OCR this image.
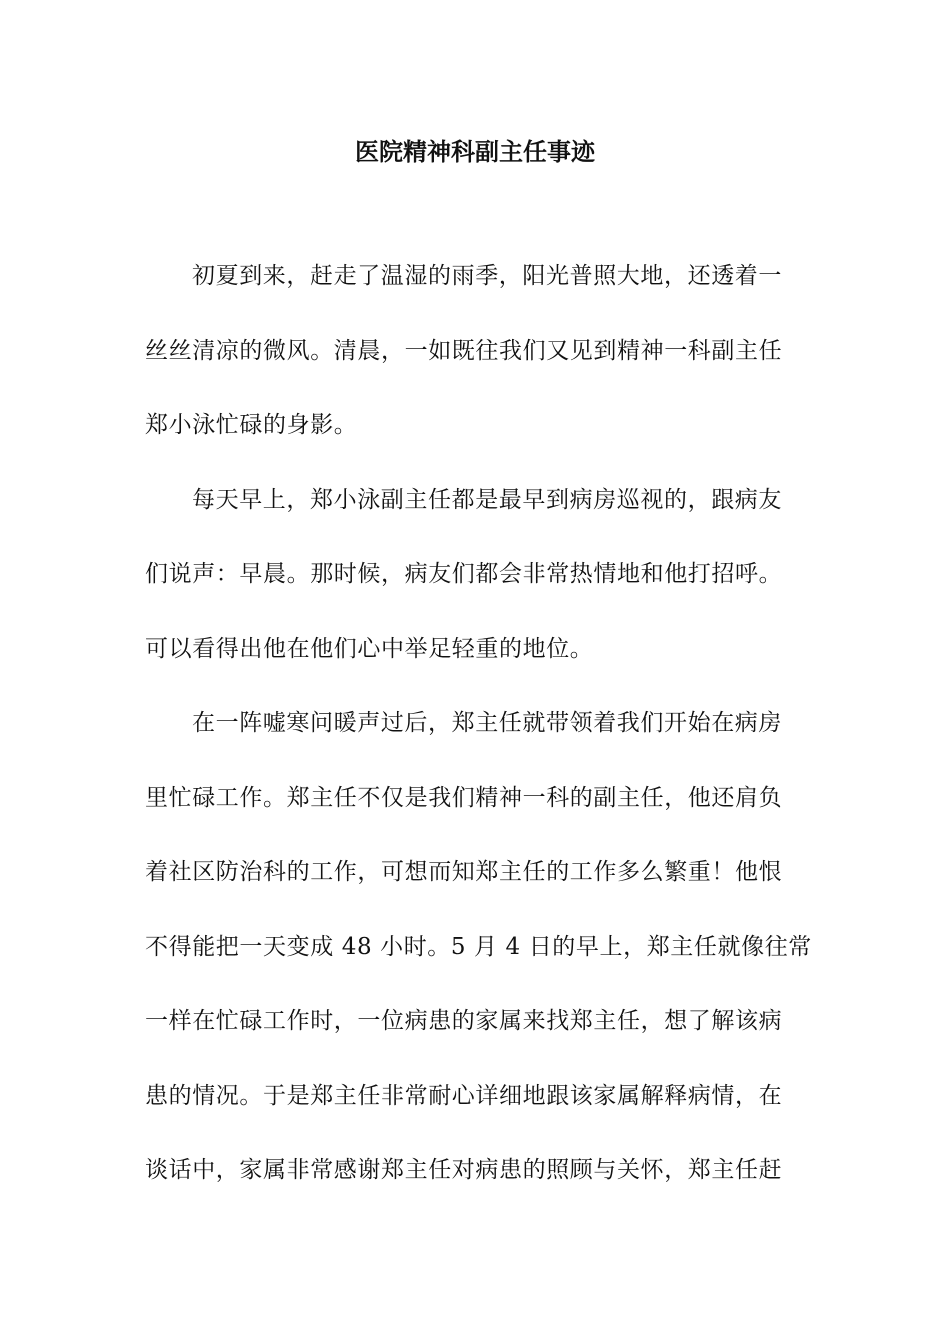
医院精神科副主任事迹
初夏到来，赶走了温湿的雨季，阳光普照大地，还透着一
丝丝清凉的微风。清晨，一如既往我们又见到精神一科副主任
郑小泳忙碌的身影。
每天早上，郑小泳副主任都是最早到病房巡视的，跟病友
们说声：早晨。那时候，病友们都会非常热情地和他打招呼。
可以看得出他在他们心中举足轻重的地位。
在一阵嘘寒问暖声过后，郑主任就带领着我们开始在病房
里忙碌工作。郑主任不仅是我们精神一科的副主任，他还肩负
着社区防治科的工作，可想而知郑主任的工作多么繁重！他恨
不得能把一天变成 48 小时。5 月 4 日的早上，郑主任就像往常
一样在忙碌工作时，一位病患的家属来找郑主任，想了解该病
患的情况。于是郑主任非常耐心详细地跟该家属解释病情，在
谈话中，家属非常感谢郑主任对病患的照顾与关怀，郑主任赶
